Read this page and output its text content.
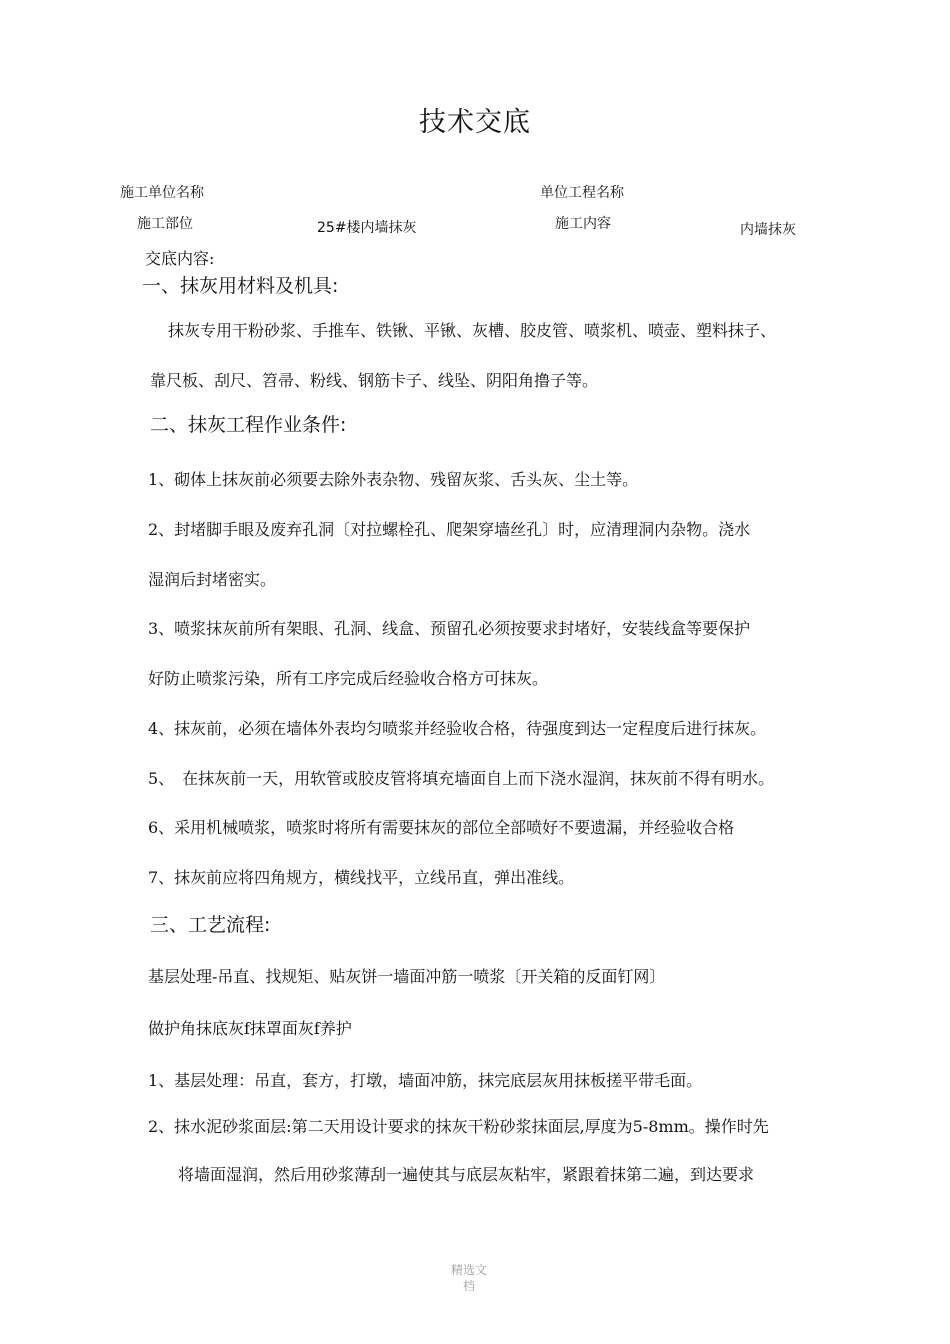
技术交底
施工单位名称	单位工程名称
施工部位	25#楼内墙抹灰	施工内容	内墙抹灰
交底内容:
一、抹灰用材料及机具:
抹灰专用干粉砂浆、手推车、铁锹、平锹、灰槽、胶皮管、喷浆机、喷壶、塑料抹子、
靠尺板、刮尺、笤帚、粉线、钢筋卡子、线坠、阴阳角撸子等。
二、抹灰工程作业条件:
1、砌体上抹灰前必须要去除外表杂物、残留灰浆、舌头灰、尘土等。
2、封堵脚手眼及废弃孔洞〔对拉螺栓孔、爬架穿墙丝孔〕时，应清理洞内杂物。浇水
湿润后封堵密实。
3、喷浆抹灰前所有架眼、孔洞、线盒、预留孔必须按要求封堵好，安装线盒等要保护
好防止喷浆污染，所有工序完成后经验收合格方可抹灰。
4、抹灰前，必须在墙体外表均匀喷浆并经验收合格，待强度到达一定程度后进行抹灰。
5、　在抹灰前一天，用软管或胶皮管将填充墙面自上而下浇水湿润，抹灰前不得有明水。
6、采用机械喷浆，喷浆时将所有需要抹灰的部位全部喷好不要遗漏，并经验收合格
7、抹灰前应将四角规方，横线找平，立线吊直，弹出准线。
三、工艺流程:
基层处理-吊直、找规矩、贴灰饼一墙面冲筋一喷浆〔开关箱的反面钉网〕
做护角抹底灰f抹罩面灰f养护
1、基层处理：吊直，套方，打墩，墙面冲筋，抹完底层灰用抹板搓平带毛面。
2、抹水泥砂浆面层:第二天用设计要求的抹灰干粉砂浆抹面层,厚度为5-8mm。操作时先
将墙面湿润，然后用砂浆薄刮一遍使其与底层灰粘牢，紧跟着抹第二遍，到达要求
精选文
档
